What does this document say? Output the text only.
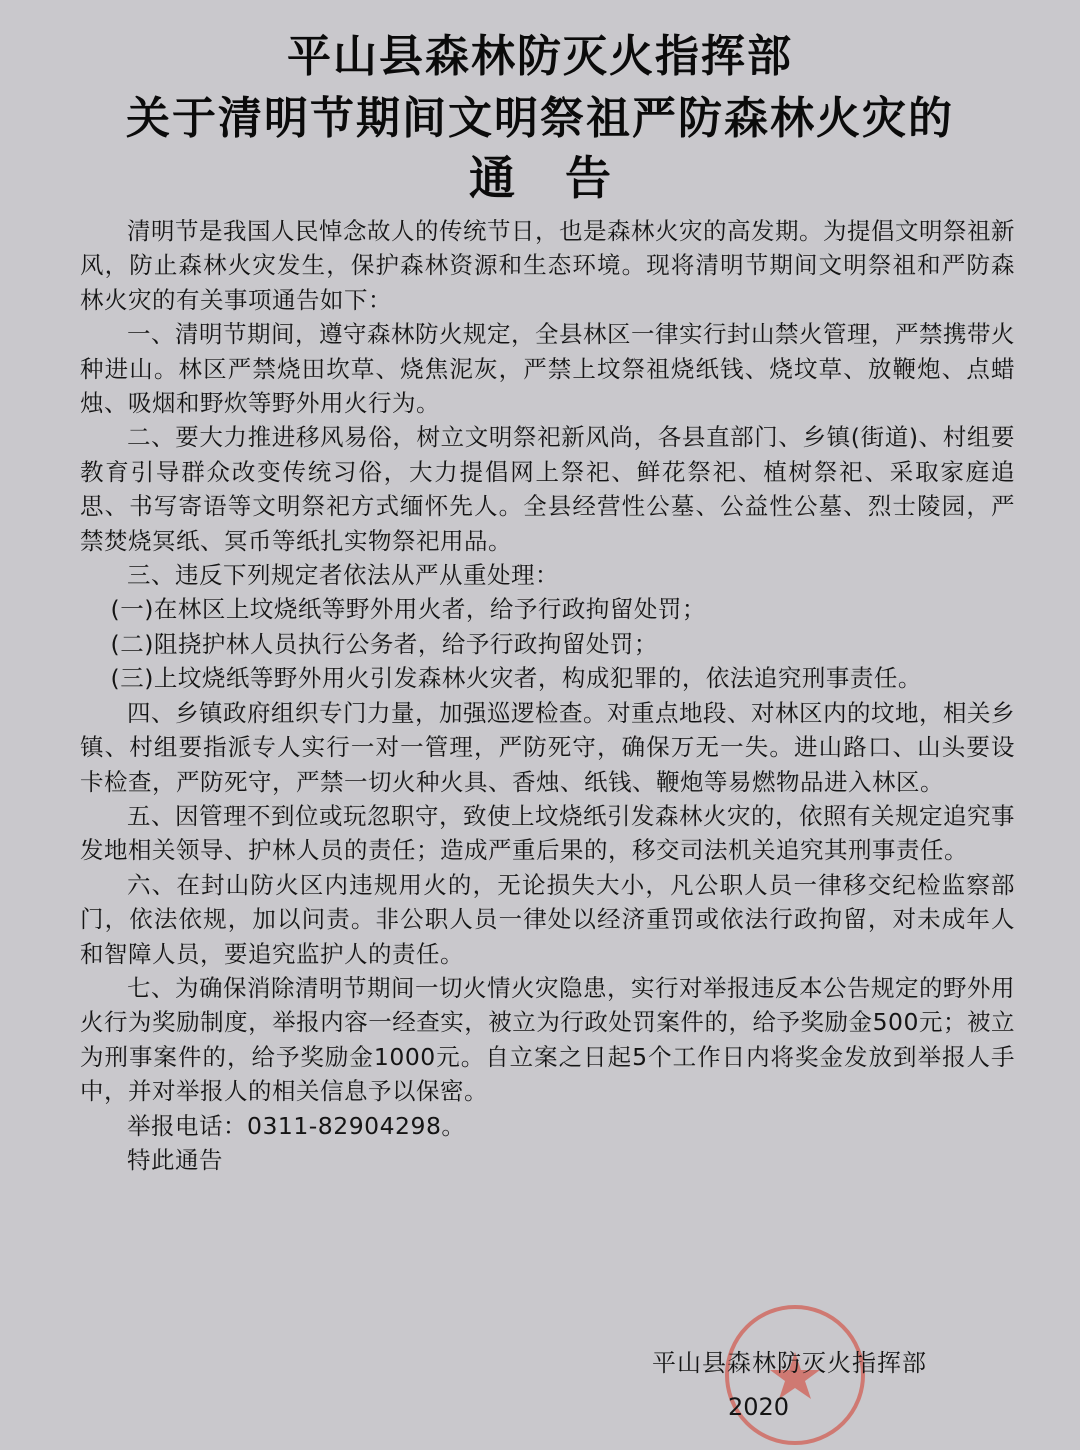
平山县森林防灭火指挥部
关于清明节期间文明祭祖严防森林火灾的
通告

清明节是我国人民悼念故人的传统节日，也是森林火灾的高发期。为提倡文明祭祖新风，防止森林火灾发生，保护森林资源和生态环境。现将清明节期间文明祭祖和严防森林火灾的有关事项通告如下：

一、清明节期间，遵守森林防火规定，全县林区一律实行封山禁火管理，严禁携带火种进山。林区严禁烧田坎草、烧焦泥灰，严禁上坟祭祖烧纸钱、烧坟草、放鞭炮、点蜡烛、吸烟和野炊等野外用火行为。

二、要大力推进移风易俗，树立文明祭祀新风尚，各县直部门、乡镇(街道)、村组要教育引导群众改变传统习俗，大力提倡网上祭祀、鲜花祭祀、植树祭祀、采取家庭追思、书写寄语等文明祭祀方式缅怀先人。全县经营性公墓、公益性公墓、烈士陵园，严禁焚烧冥纸、冥币等纸扎实物祭祀用品。

三、违反下列规定者依法从严从重处理：

(一)在林区上坟烧纸等野外用火者，给予行政拘留处罚；

(二)阻挠护林人员执行公务者，给予行政拘留处罚；

(三)上坟烧纸等野外用火引发森林火灾者，构成犯罪的，依法追究刑事责任。

四、乡镇政府组织专门力量，加强巡逻检查。对重点地段、对林区内的坟地，相关乡镇、村组要指派专人实行一对一管理，严防死守，确保万无一失。进山路口、山头要设卡检查，严防死守，严禁一切火种火具、香烛、纸钱、鞭炮等易燃物品进入林区。

五、因管理不到位或玩忽职守，致使上坟烧纸引发森林火灾的，依照有关规定追究事发地相关领导、护林人员的责任；造成严重后果的，移交司法机关追究其刑事责任。

六、在封山防火区内违规用火的，无论损失大小，凡公职人员一律移交纪检监察部门，依法依规，加以问责。非公职人员一律处以经济重罚或依法行政拘留，对未成年人和智障人员，要追究监护人的责任。

七、为确保消除清明节期间一切火情火灾隐患，实行对举报违反本公告规定的野外用火行为奖励制度，举报内容一经查实，被立为行政处罚案件的，给予奖励金500元；被立为刑事案件的，给予奖励金1000元。自立案之日起5个工作日内将奖金发放到举报人手中，并对举报人的相关信息予以保密。

举报电话：0311-82904298。

特此通告

平山县森林防灭火指挥部
2020
